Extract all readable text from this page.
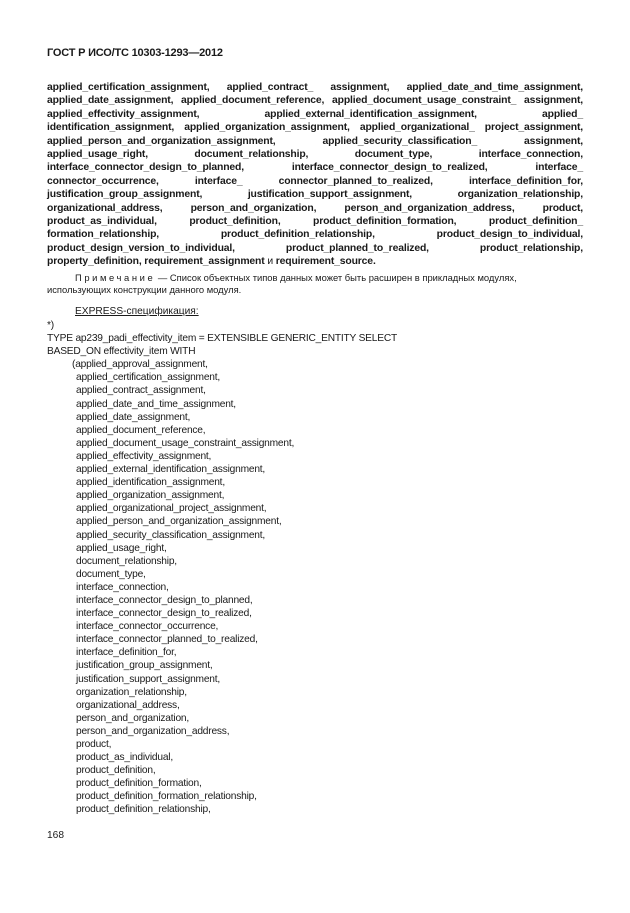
ГОСТ Р ИСО/ТС 10303-1293—2012
applied_certification_assignment, applied_contract_ assignment, applied_date_and_time_assignment, applied_date_assignment, applied_document_reference, applied_document_usage_constraint_ assignment, applied_effectivity_assignment, applied_external_identification_assignment, applied_ identification_assignment, applied_organization_assignment, applied_organizational_ project_assignment, applied_person_and_organization_assignment, applied_security_classification_ assignment, applied_usage_right, document_relationship, document_type, interface_connection, interface_connector_design_to_planned, interface_connector_design_to_realized, interface_ connector_occurrence, interface_ connector_planned_to_realized, interface_definition_for, justification_group_assignment, justification_support_assignment, organization_relationship, organizational_address, person_and_organization, person_and_organization_address, product, product_as_individual, product_definition, product_definition_formation, product_definition_ formation_relationship, product_definition_relationship, product_design_to_individual, product_design_version_to_individual, product_planned_to_realized, product_relationship, property_definition, requirement_assignment и requirement_source.
Примечание — Список объектных типов данных может быть расширен в прикладных модулях, использующих конструкции данного модуля.
EXPRESS-спецификация:
*)
TYPE ap239_padi_effectivity_item = EXTENSIBLE GENERIC_ENTITY SELECT
BASED_ON effectivity_item WITH
(applied_approval_assignment,
applied_certification_assignment,
applied_contract_assignment,
applied_date_and_time_assignment,
applied_date_assignment,
applied_document_reference,
applied_document_usage_constraint_assignment,
applied_effectivity_assignment,
applied_external_identification_assignment,
applied_identification_assignment,
applied_organization_assignment,
applied_organizational_project_assignment,
applied_person_and_organization_assignment,
applied_security_classification_assignment,
applied_usage_right,
document_relationship,
document_type,
interface_connection,
interface_connector_design_to_planned,
interface_connector_design_to_realized,
interface_connector_occurrence,
interface_connector_planned_to_realized,
interface_definition_for,
justification_group_assignment,
justification_support_assignment,
organization_relationship,
organizational_address,
person_and_organization,
person_and_organization_address,
product,
product_as_individual,
product_definition,
product_definition_formation,
product_definition_formation_relationship,
product_definition_relationship,
168
